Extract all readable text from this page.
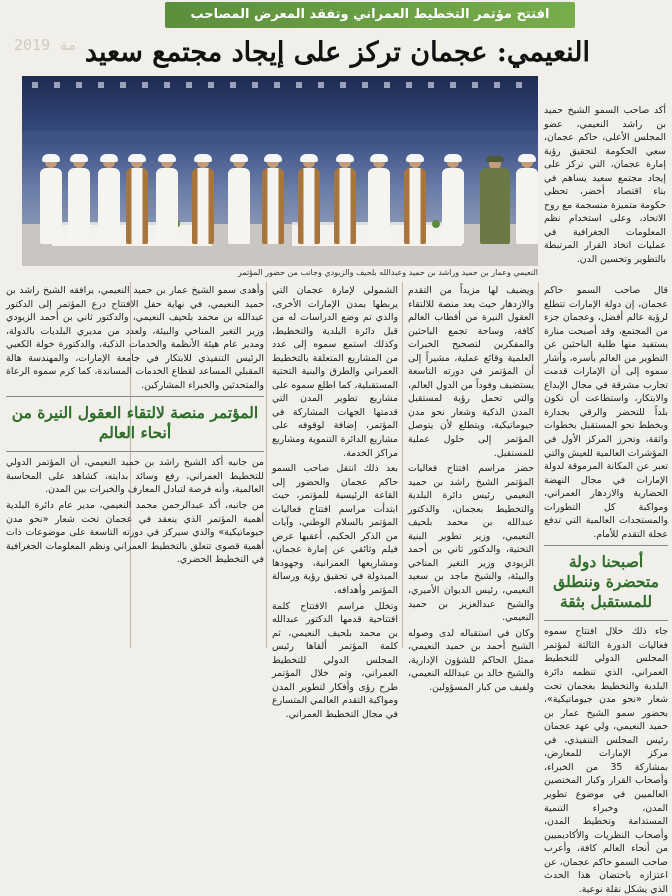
2019 مة
افتتح مؤتمر التخطيط العمراني وتفقد المعرض المصاحب
النعيمي: عجمان تركز على إيجاد مجتمع سعيد
النعيمي وعمار بن حميد وراشد بن حميد وعبدالله بلحيف والزيودي وجانب من حضور المؤتمر

أكد صاحب السمو الشيخ حميد بن راشد النعيمي، عضو المجلس الأعلى، حاكم عجمان، سعي الحكومة لتحقيق رؤية إمارة عجمان، التي تركز على إيجاد مجتمع سعيد يساهم في بناء اقتصاد أخضر، تحظى حكومة متميزة منسجمة مع روح الاتحاد، وعلى استخدام نظم المعلومات الجغرافية في عمليات اتخاذ القرار المرتبطة بالتطوير وتحسين الدن.

قال صاحب السمو حاكم عجمان، إن دولة الإمارات تتطلع لرؤية عالم أفضل، وعجمان جزء من المجتمع، وقد أصبحت منارة يستفيد منها طلبة الباحثين عن التطوير من العالم بأسره، وأشار سموه إلى أن الإمارات قدمت تجارب مشرقة في مجال الإبداع والابتكار، واستطاعت أن تكون بلداً للتحضر والرقي بجدارة وبخطط نحو المستقبل بخطوات واثقة، وتحرز المركز الأول في المؤشرات العالمية للعيش والتي تعبر عن المكانة المرموقة لدولة الإمارات في مجال النهضة الحضارية والازدهار العمراني، ومواكبة كل التطورات والمستجدات العالمية التي تدفع عجلة التقدم للأمام.

أصبحنا دولة متحضرة وننطلق للمستقبل بثقة

جاء ذلك خلال افتتاح سموه فعاليات الدورة الثالثة لمؤتمر المجلس الدولي للتخطيط العمراني، الذي تنظمه دائرة البلدية والتخطيط بعجمان تحت شعار «نحو مدن جيوماتيكية»، بحضور سمو الشيخ عمار بن حميد النعيمي، ولي عهد عجمان رئيس المجلس التنفيذي، في مركز الإمارات للمعارض، بمشاركة 35 من الخبراء، وأصحاب القرار وكبار المختصين العالميين في موضوع تطوير المدن، وخبراء التنمية المستدامة وتخطيط المدن، وأصحاب النظريات والأكاديميين من أنحاء العالم كافة، وأعرب صاحب السمو حاكم عجمان، عن اعتزازه باحتضان هذا الحدث الذي يشكل نقلة نوعية.

ويضيف لها مزيداً من التقدم والازدهار حيث يعد منصة للالتقاء العقول النيرة من أقطاب العالم كافة، وساحة تجمع الباحثين والمفكرين لتصحيح الخبرات العلمية وقائع عملية، مشيراً إلى أن المؤتمر في دورته التاسعة يستضيف وفوداً من الدول العالم، والتي تحمل رؤية لمستقبل المدن الذكية وشعار نحو مدن جيوماتيكية، ويتطلع لأن يتوصل المؤتمر إلى حلول عملية للمستقبل.

حضر مراسم افتتاح فعاليات المؤتمر الشيخ راشد بن حميد النعيمي رئيس دائرة البلدية والتخطيط بعجمان، والدكتور عبدالله بن محمد بلحيف النعيمي، وزير تطوير البنية التحتية، والدكتور ثاني بن أحمد الزيودي وزير التغير المناخي والبيئة، والشيخ ماجد بن سعيد النعيمي، رئيس الديوان الأميري، والشيخ عبدالعزيز بن حميد النعيمي.

وكان في استقباله لدى وصوله الشيخ أحمد بن حميد النعيمي، ممثل الحاكم للشؤون الإدارية، والشيخ خالد بن عبدالله النعيمي، ولفيف من كبار المسؤولين.

الشمولي لإمارة عجمان التي يربطها بمدن الإمارات الأخرى، والذي تم وضع الدراسات له من قبل دائرة البلدية والتخطيط، وكذلك استمع سموه إلى عدد من المشاريع المتعلقة بالتخطيط العمراني والطرق والبنية التحتية المستقبلية، كما اطلع سموه على مشاريع تطوير المدن التي قدمتها الجهات المشاركة في المؤتمر، إضافة لوقوفه على مشاريع الدائرة التنموية ومشاريع مراكز الخدمة.

بعد ذلك انتقل صاحب السمو حاكم عجمان والحضور إلى القاعة الرئيسية للمؤتمر، حيث ابتدأت مراسم افتتاح فعاليات المؤتمر بالسلام الوطني، وآيات من الذكر الحكيم، أعقبها عرض فيلم وثائقي عن إمارة عجمان، ومشاريعها العمرانية، وجهودها المبذولة في تحقيق رؤية ورسالة المؤتمر وأهدافه.

وتخلل مراسم الافتتاح كلمة افتتاحية قدمها الدكتور عبدالله بن محمد بلحيف النعيمي، ثم كلمة المؤتمر ألقاها رئيس المجلس الدولي للتخطيط العمراني، وتم خلال المؤتمر طرح رؤى وأفكار لتطوير المدن ومواكبة التقدم العالمي المتسارع في مجال التخطيط العمراني.

وأهدى سمو الشيخ عمار بن حميد النعيمي، يرافقه الشيخ راشد بن حميد النعيمي، في نهاية حفل الافتتاح درع المؤتمر إلى الدكتور عبدالله بن محمد بلحيف النعيمي، والدكتور ثاني بن أحمد الزيودي وزير التغير المناخي والبيئة، ولعدد من مديري البلديات بالدولة، ومدير عام هيئة الأنظمة والخدمات الذكية، والدكتورة خولة الكعبي الرئيس التنفيذي للابتكار في جامعة الإمارات، والمهندسة هالة المقبلي المساعد لقطاع الخدمات المساندة، كما كرم سموه الرعاة والمتحدثين والخبراء المشاركين.

المؤتمر منصة لالتقاء العقول النيرة من أنحاء العالم

من جانبه أكد الشيخ راشد بن حميد النعيمي، أن المؤتمر الدولي للتخطيط العمراني، رفع وسائد بدايته، كشاهد على المحاسبة العالمية، وأنه فرصة لتبادل المعارف والخبرات بين المدن.

من جانبه، أكد عبدالرحمن محمد النعيمي، مدير عام دائرة البلدية أهمية المؤتمر الذي ينعقد في عجمان تحت شعار «نحو مدن جيوماتيكية» والذي سيركز في دورته التاسعة على موضوعات ذات أهمية قصوى تتعلق بالتخطيط العمراني ونظم المعلومات الجغرافية في التخطيط الحضري.
